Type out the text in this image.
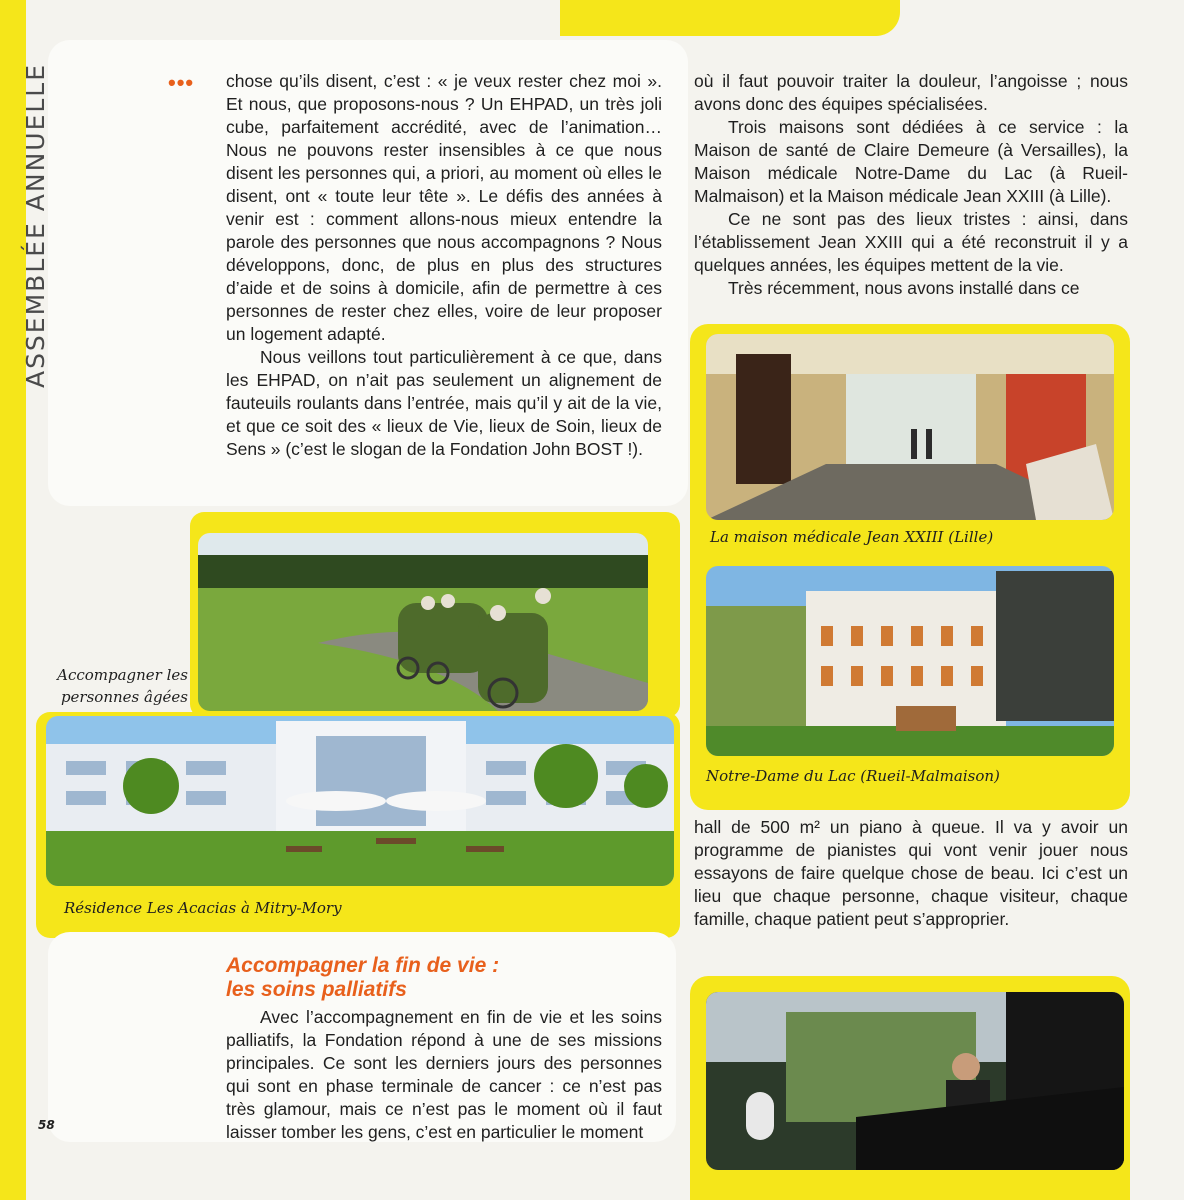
ASSEMBLÉE ANNUELLE	••• chose qu’ils disent, c’est : « je veux rester chez moi ». Et nous, que proposons-nous ? Un EHPAD, un très joli cube, parfaitement accrédité, avec de l’animation… Nous ne pouvons rester insensibles à ce que nous disent les personnes qui, a priori, au moment où elles le disent, ont « toute leur tête ». Le défis des années à venir est : comment allons-nous mieux entendre la parole des personnes que nous accompagnons ? Nous développons, donc, de plus en plus des structures d’aide et de soins à domicile, afin de permettre à ces personnes de rester chez elles, voire de leur proposer un logement adapté.

Nous veillons tout particulièrement à ce que, dans les EHPAD, on n’ait pas seulement un alignement de fauteuils roulants dans l’entrée, mais qu’il y ait de la vie, et que ce soit des « lieux de Vie, lieux de Soin, lieux de Sens » (c’est le slogan de la Fondation John BOST !).

où il faut pouvoir traiter la douleur, l’angoisse ; nous avons donc des équipes spécialisées.

Trois maisons sont dédiées à ce service : la Maison de santé de Claire Demeure (à Versailles), la Maison médicale Notre-Dame du Lac (à Rueil-Malmaison) et la Maison médicale Jean XXIII (à Lille).

Ce ne sont pas des lieux tristes : ainsi, dans l’établissement Jean XXIII qui a été reconstruit il y a quelques années, les équipes mettent de la vie.

Très récemment, nous avons installé dans ce

Accompagner les
personnes âgées
Résidence Les Acacias à Mitry-Mory
La maison médicale Jean XXIII (Lille)
Notre-Dame du Lac (Rueil-Malmaison)

hall de 500 m² un piano à queue. Il va y avoir un programme de pianistes qui vont venir jouer nous essayons de faire quelque chose de beau. Ici c’est un lieu que chaque personne, chaque visiteur, chaque famille, chaque patient peut s’approprier.

Accompagner la fin de vie :
les soins palliatifs

Avec l’accompagnement en fin de vie et les soins palliatifs, la Fondation répond à une de ses missions principales. Ce sont les derniers jours des personnes qui sont en phase terminale de cancer : ce n’est pas très glamour, mais ce n’est pas le moment où il faut laisser tomber les gens, c’est en particulier le moment

58
